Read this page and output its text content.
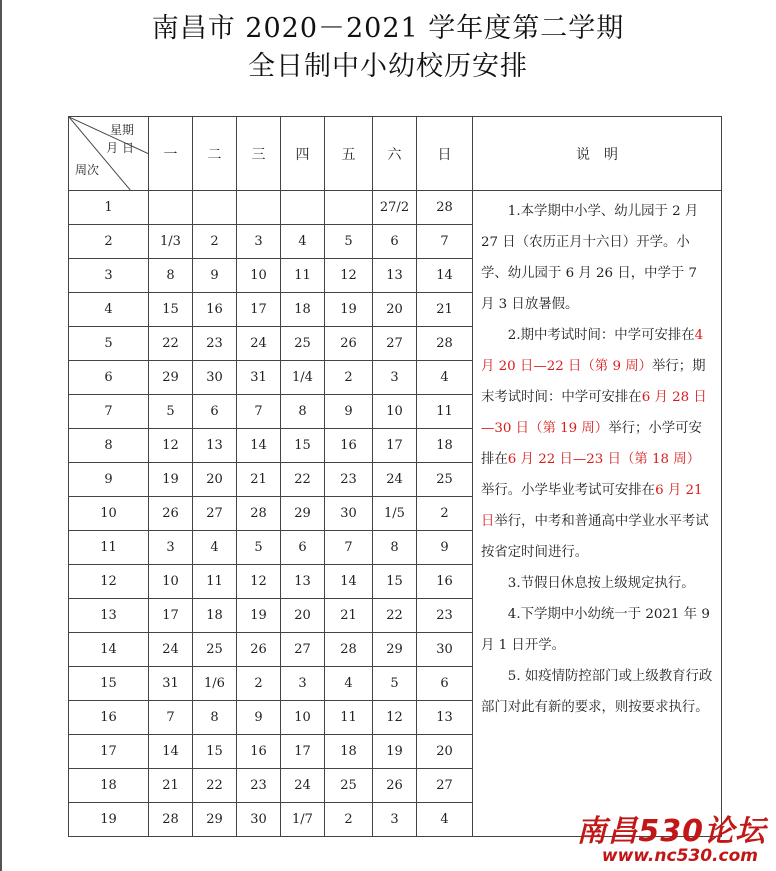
南昌市 2020－2021 学年度第二学期
全日制中小幼校历安排
星期
月 日
周次	一	二	三	四	五	六	日	说　明
1						27/2	28	1.本学期中小学、幼儿园于 2 月 27 日（农历正月十六日）开学。小学、幼儿园于 6 月 26 日，中学于 7 月 3 日放暑假。
2.期中考试时间：中学可安排在4 月 20 日—22 日（第 9 周）举行；期末考试时间：中学可安排在6 月 28 日—30 日（第 19 周）举行；小学可安排在6 月 22 日—23 日（第 18 周）举行。小学毕业考试可安排在6 月 21 日举行，中考和普通高中学业水平考试按省定时间进行。
3.节假日休息按上级规定执行。
4.下学期中小幼统一于 2021 年 9 月 1 日开学。
5. 如疫情防控部门或上级教育行政部门对此有新的要求，则按要求执行。

2	1/3	2	3	4	5	6	7	
3	8	9	10	11	12	13	14	
4	15	16	17	18	19	20	21	
5	22	23	24	25	26	27	28	
6	29	30	31	1/4	2	3	4	
7	5	6	7	8	9	10	11	
8	12	13	14	15	16	17	18	
9	19	20	21	22	23	24	25	
10	26	27	28	29	30	1/5	2	
11	3	4	5	6	7	8	9	
12	10	11	12	13	14	15	16	
13	17	18	19	20	21	22	23	
14	24	25	26	27	28	29	30	
15	31	1/6	2	3	4	5	6	
16	7	8	9	10	11	12	13	
17	14	15	16	17	18	19	20	
18	21	22	23	24	25	26	27	
19	28	29	30	1/7	2	3	4		南昌530论坛
www.nc530.com
